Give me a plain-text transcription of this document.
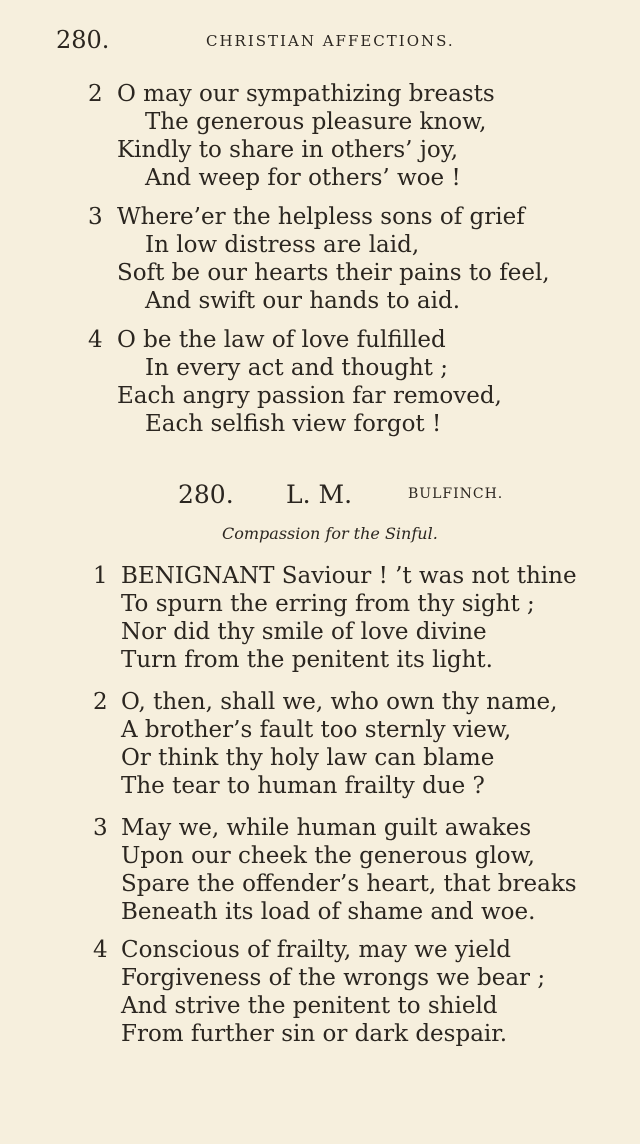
280.	CHRISTIAN AFFECTIONS.
2 O may our sympathizing breasts
The generous pleasure know,
Kindly to share in others’ joy,
And weep for others’ woe !
3 Where’er the helpless sons of grief
In low distress are laid,
Soft be our hearts their pains to feel,
And swift our hands to aid.
4 O be the law of love fulfilled
In every act and thought ;
Each angry passion far removed,
Each selfish view forgot !
280. L. M.	BULFINCH.
Compassion for the Sinful.
1 BENIGNANT Saviour ! ’t was not thine
To spurn the erring from thy sight ;
Nor did thy smile of love divine
Turn from the penitent its light.
2 O, then, shall we, who own thy name,
A brother’s fault too sternly view,
Or think thy holy law can blame
The tear to human frailty due ?
3 May we, while human guilt awakes
Upon our cheek the generous glow,
Spare the offender’s heart, that breaks
Beneath its load of shame and woe.
4 Conscious of frailty, may we yield
Forgiveness of the wrongs we bear ;
And strive the penitent to shield
From further sin or dark despair.
